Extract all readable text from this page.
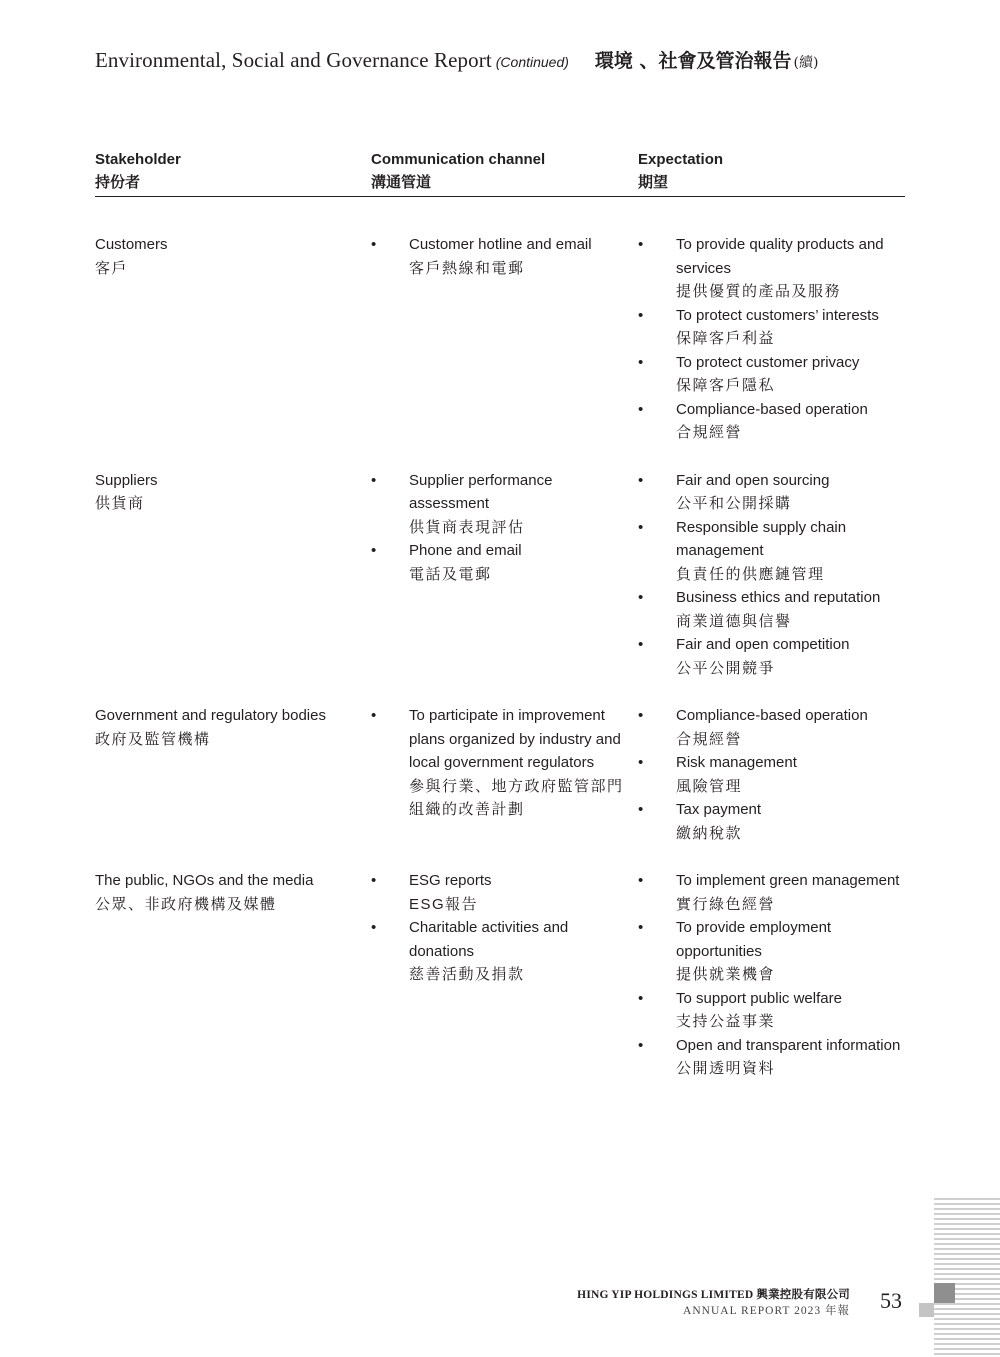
Environmental, Social and Governance Report (Continued) 環境 、社會及管治報告 (續)
Stakeholder
持份者
Communication channel
溝通管道
Expectation
期望
Customers
客戶
• Customer hotline and email
客戶熱線和電郵
• To provide quality products and services
提供優質的產品及服務
• To protect customers’ interests
保障客戶利益
• To protect customer privacy
保障客戶隱私
• Compliance-based operation
合規經營
Suppliers
供貨商
• Supplier performance assessment
供貨商表現評估
• Phone and email
電話及電郵
• Fair and open sourcing
公平和公開採購
• Responsible supply chain management
負責任的供應鏈管理
• Business ethics and reputation
商業道德與信譽
• Fair and open competition
公平公開競爭
Government and regulatory bodies
政府及監管機構
• To participate in improvement plans organized by industry and local government regulators
參與行業、地方政府監管部門組織的改善計劃
• Compliance-based operation
合規經營
• Risk management
風險管理
• Tax payment
繳納稅款
The public, NGOs and the media
公眾、非政府機構及媒體
• ESG reports
ESG報告
• Charitable activities and donations
慈善活動及捐款
• To implement green management
實行綠色經營
• To provide employment opportunities
提供就業機會
• To support public welfare
支持公益事業
• Open and transparent information
公開透明資料
HING YIP HOLDINGS LIMITED 興業控股有限公司
ANNUAL REPORT 2023 年報 53
